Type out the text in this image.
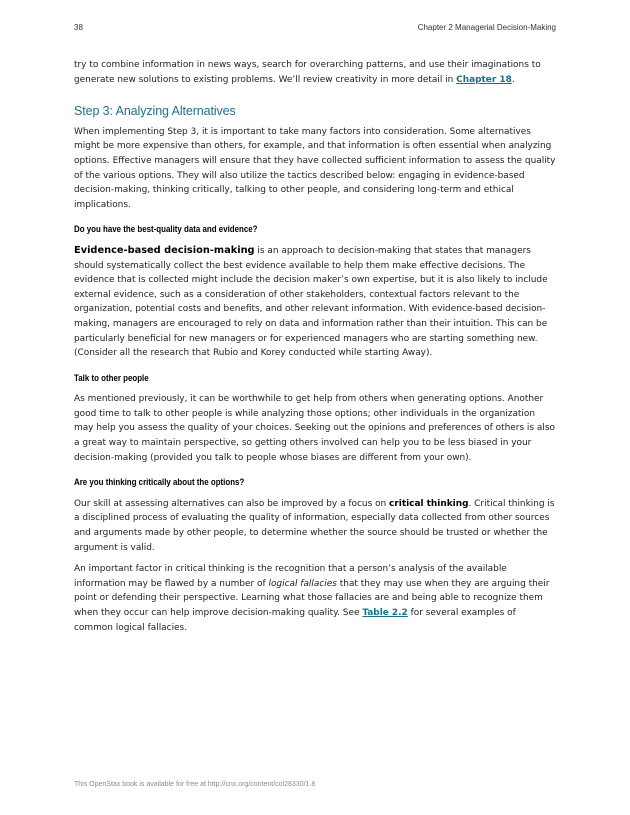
38	Chapter 2 Managerial Decision-Making

try to combine information in news ways, search for overarching patterns, and use their imaginations to generate new solutions to existing problems. We’ll review creativity in more detail in Chapter 18.

Step 3: Analyzing Alternatives

When implementing Step 3, it is important to take many factors into consideration. Some alternatives might be more expensive than others, for example, and that information is often essential when analyzing options. Effective managers will ensure that they have collected sufficient information to assess the quality of the various options. They will also utilize the tactics described below: engaging in evidence-based decision-making, thinking critically, talking to other people, and considering long-term and ethical implications.

Do you have the best-quality data and evidence?

Evidence-based decision-making is an approach to decision-making that states that managers should systematically collect the best evidence available to help them make effective decisions. The evidence that is collected might include the decision maker’s own expertise, but it is also likely to include external evidence, such as a consideration of other stakeholders, contextual factors relevant to the organization, potential costs and benefits, and other relevant information. With evidence-based decision-making, managers are encouraged to rely on data and information rather than their intuition. This can be particularly beneficial for new managers or for experienced managers who are starting something new. (Consider all the research that Rubio and Korey conducted while starting Away).

Talk to other people

As mentioned previously, it can be worthwhile to get help from others when generating options. Another good time to talk to other people is while analyzing those options; other individuals in the organization may help you assess the quality of your choices. Seeking out the opinions and preferences of others is also a great way to maintain perspective, so getting others involved can help you to be less biased in your decision-making (provided you talk to people whose biases are different from your own).

Are you thinking critically about the options?

Our skill at assessing alternatives can also be improved by a focus on critical thinking. Critical thinking is a disciplined process of evaluating the quality of information, especially data collected from other sources and arguments made by other people, to determine whether the source should be trusted or whether the argument is valid.

An important factor in critical thinking is the recognition that a person’s analysis of the available information may be flawed by a number of logical fallacies that they may use when they are arguing their point or defending their perspective. Learning what those fallacies are and being able to recognize them when they occur can help improve decision-making quality. See Table 2.2 for several examples of common logical fallacies.

This OpenStax book is available for free at http://cnx.org/content/col28330/1.8
